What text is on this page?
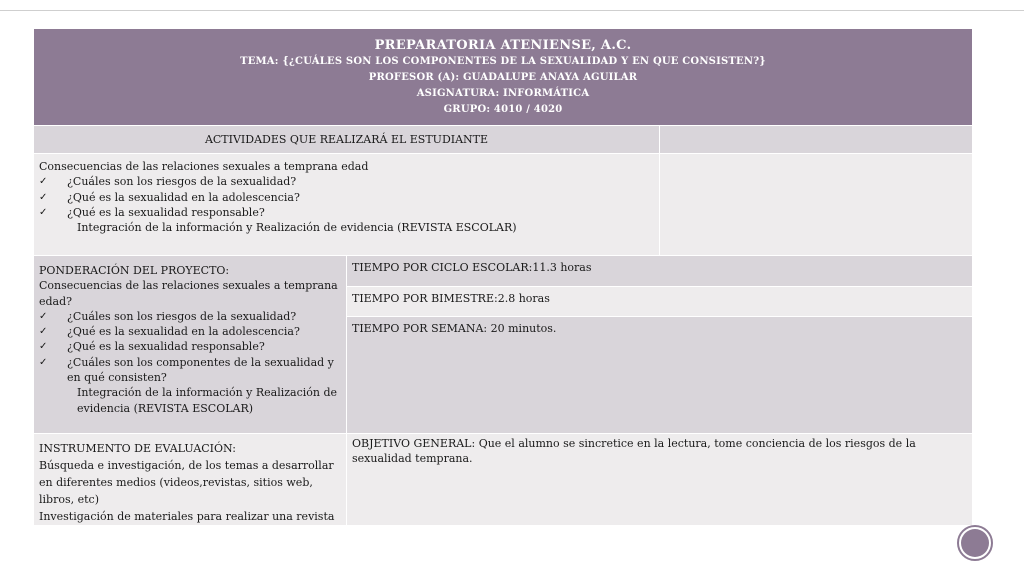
PREPARATORIA ATENIENSE, A.C.
TEMA: {¿CUÁLES SON LOS COMPONENTES DE LA SEXUALIDAD Y EN QUE CONSISTEN?}
PROFESOR (A): GUADALUPE ANAYA AGUILAR
ASIGNATURA: INFORMÁTICA
GRUPO: 4010 / 4020
ACTIVIDADES QUE REALIZARÁ EL ESTUDIANTE
Consecuencias de las relaciones sexuales a temprana edad
✓ ¿Cuáles son los riesgos de la sexualidad?
✓ ¿Qué es la sexualidad en la adolescencia?
✓ ¿Qué es la sexualidad responsable?
Integración de la información y Realización de evidencia (REVISTA ESCOLAR)
PONDERACIÓN DEL PROYECTO:
Consecuencias de las relaciones sexuales a temprana edad?
✓ ¿Cuáles son los riesgos de la sexualidad?
✓ ¿Qué es la sexualidad en la adolescencia?
✓ ¿Qué es la sexualidad responsable?
✓ ¿Cuáles son los componentes de la sexualidad y en qué consisten?
Integración de la información y Realización de evidencia (REVISTA ESCOLAR)
TIEMPO POR CICLO ESCOLAR:11.3 horas
TIEMPO POR BIMESTRE:2.8 horas
TIEMPO POR SEMANA: 20 minutos.
INSTRUMENTO DE EVALUACIÓN:
Búsqueda e investigación, de los temas a desarrollar en diferentes medios (videos,revistas, sitios web, libros, etc)
Investigación de materiales para realizar una revista
OBJETIVO GENERAL: Que el alumno se sincretice en la lectura, tome conciencia de los riesgos de la sexualidad temprana.
